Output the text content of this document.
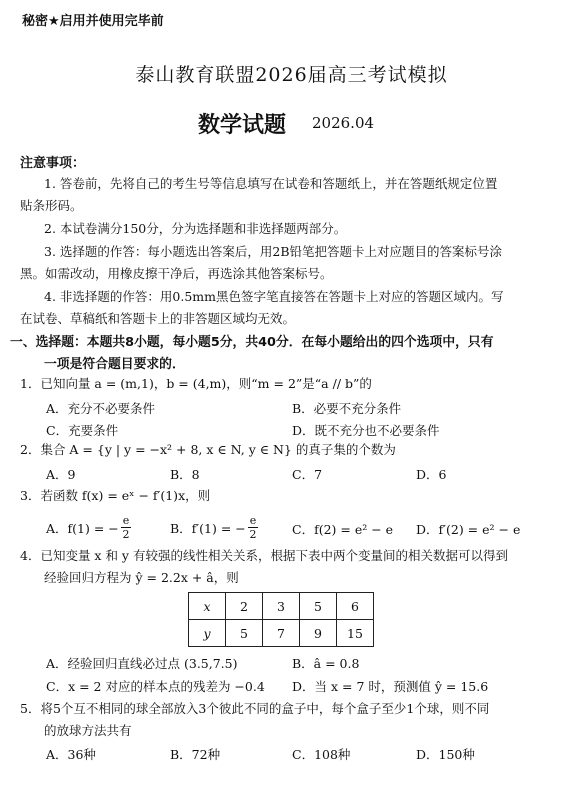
秘密★启用并使用完毕前
泰山教育联盟2026届高三考试模拟
数学试题 2026.04
注意事项：
1. 答卷前，先将自己的考生号等信息填写在试卷和答题纸上，并在答题纸规定位置
贴条形码。
2. 本试卷满分150分，分为选择题和非选择题两部分。
3. 选择题的作答：每小题选出答案后，用2B铅笔把答题卡上对应题目的答案标号涂
黑。如需改动，用橡皮擦干净后，再选涂其他答案标号。
4. 非选择题的作答：用0.5mm黑色签字笔直接答在答题卡上对应的答题区域内。写
在试卷、草稿纸和答题卡上的非答题区域均无效。
一、选择题：本题共8小题，每小题5分，共40分．在每小题给出的四个选项中，只有
一项是符合题目要求的．
1．已知向量 a = (m,1)，b = (4,m)，则“m = 2”是“a // b”的
A．充分不必要条件	B．必要不充分条件
C．充要条件	D．既不充分也不必要条件
2．集合 A = {y | y = −x² + 8, x ∈ N, y ∈ N} 的真子集的个数为
A．9	B．8	C．7	D．6
3．若函数 f(x) = eˣ − f′(1)x，则
A．f(1) = − $\frac{e}{2}$	B．f′(1) = − $\frac{e}{2}$	C．f(2) = e² − e D．f′(2) = e² − e
4．已知变量 x 和 y 有较强的线性相关关系，根据下表中两个变量间的相关数据可以得到
经验回归方程为 ŷ = 2.2x + â，则
x	2	3	5	6
y	5	7	9	15
A．经验回归直线必过点 (3.5,7.5)	B．â = 0.8
C．x = 2 对应的样本点的残差为 −0.4 D．当 x = 7 时，预测值 ŷ = 15.6
5．将5个互不相同的球全部放入3个彼此不同的盒子中，每个盒子至少1个球，则不同
的放球方法共有
A．36种	B．72种	C．108种	D．150种
